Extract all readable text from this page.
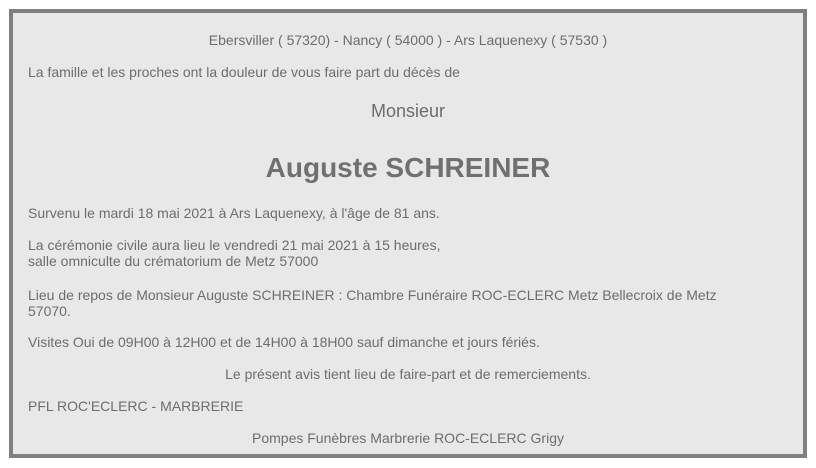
Ebersviller ( 57320) - Nancy ( 54000 ) - Ars Laquenexy ( 57530 )

La famille et les proches ont la douleur de vous faire part du décès de

Monsieur

Auguste SCHREINER

Survenu le mardi 18 mai 2021 à Ars Laquenexy, à l'âge de 81 ans.

La cérémonie civile aura lieu le vendredi 21 mai 2021 à 15 heures,
salle omniculte du crématorium de Metz 57000

Lieu de repos de Monsieur Auguste SCHREINER : Chambre Funéraire ROC-ECLERC Metz Bellecroix de Metz
57070.

Visites Oui de 09H00 à 12H00 et de 14H00 à 18H00 sauf dimanche et jours fériés.

Le présent avis tient lieu de faire-part et de remerciements.

PFL ROC'ECLERC - MARBRERIE

Pompes Funèbres Marbrerie ROC-ECLERC Grigy
